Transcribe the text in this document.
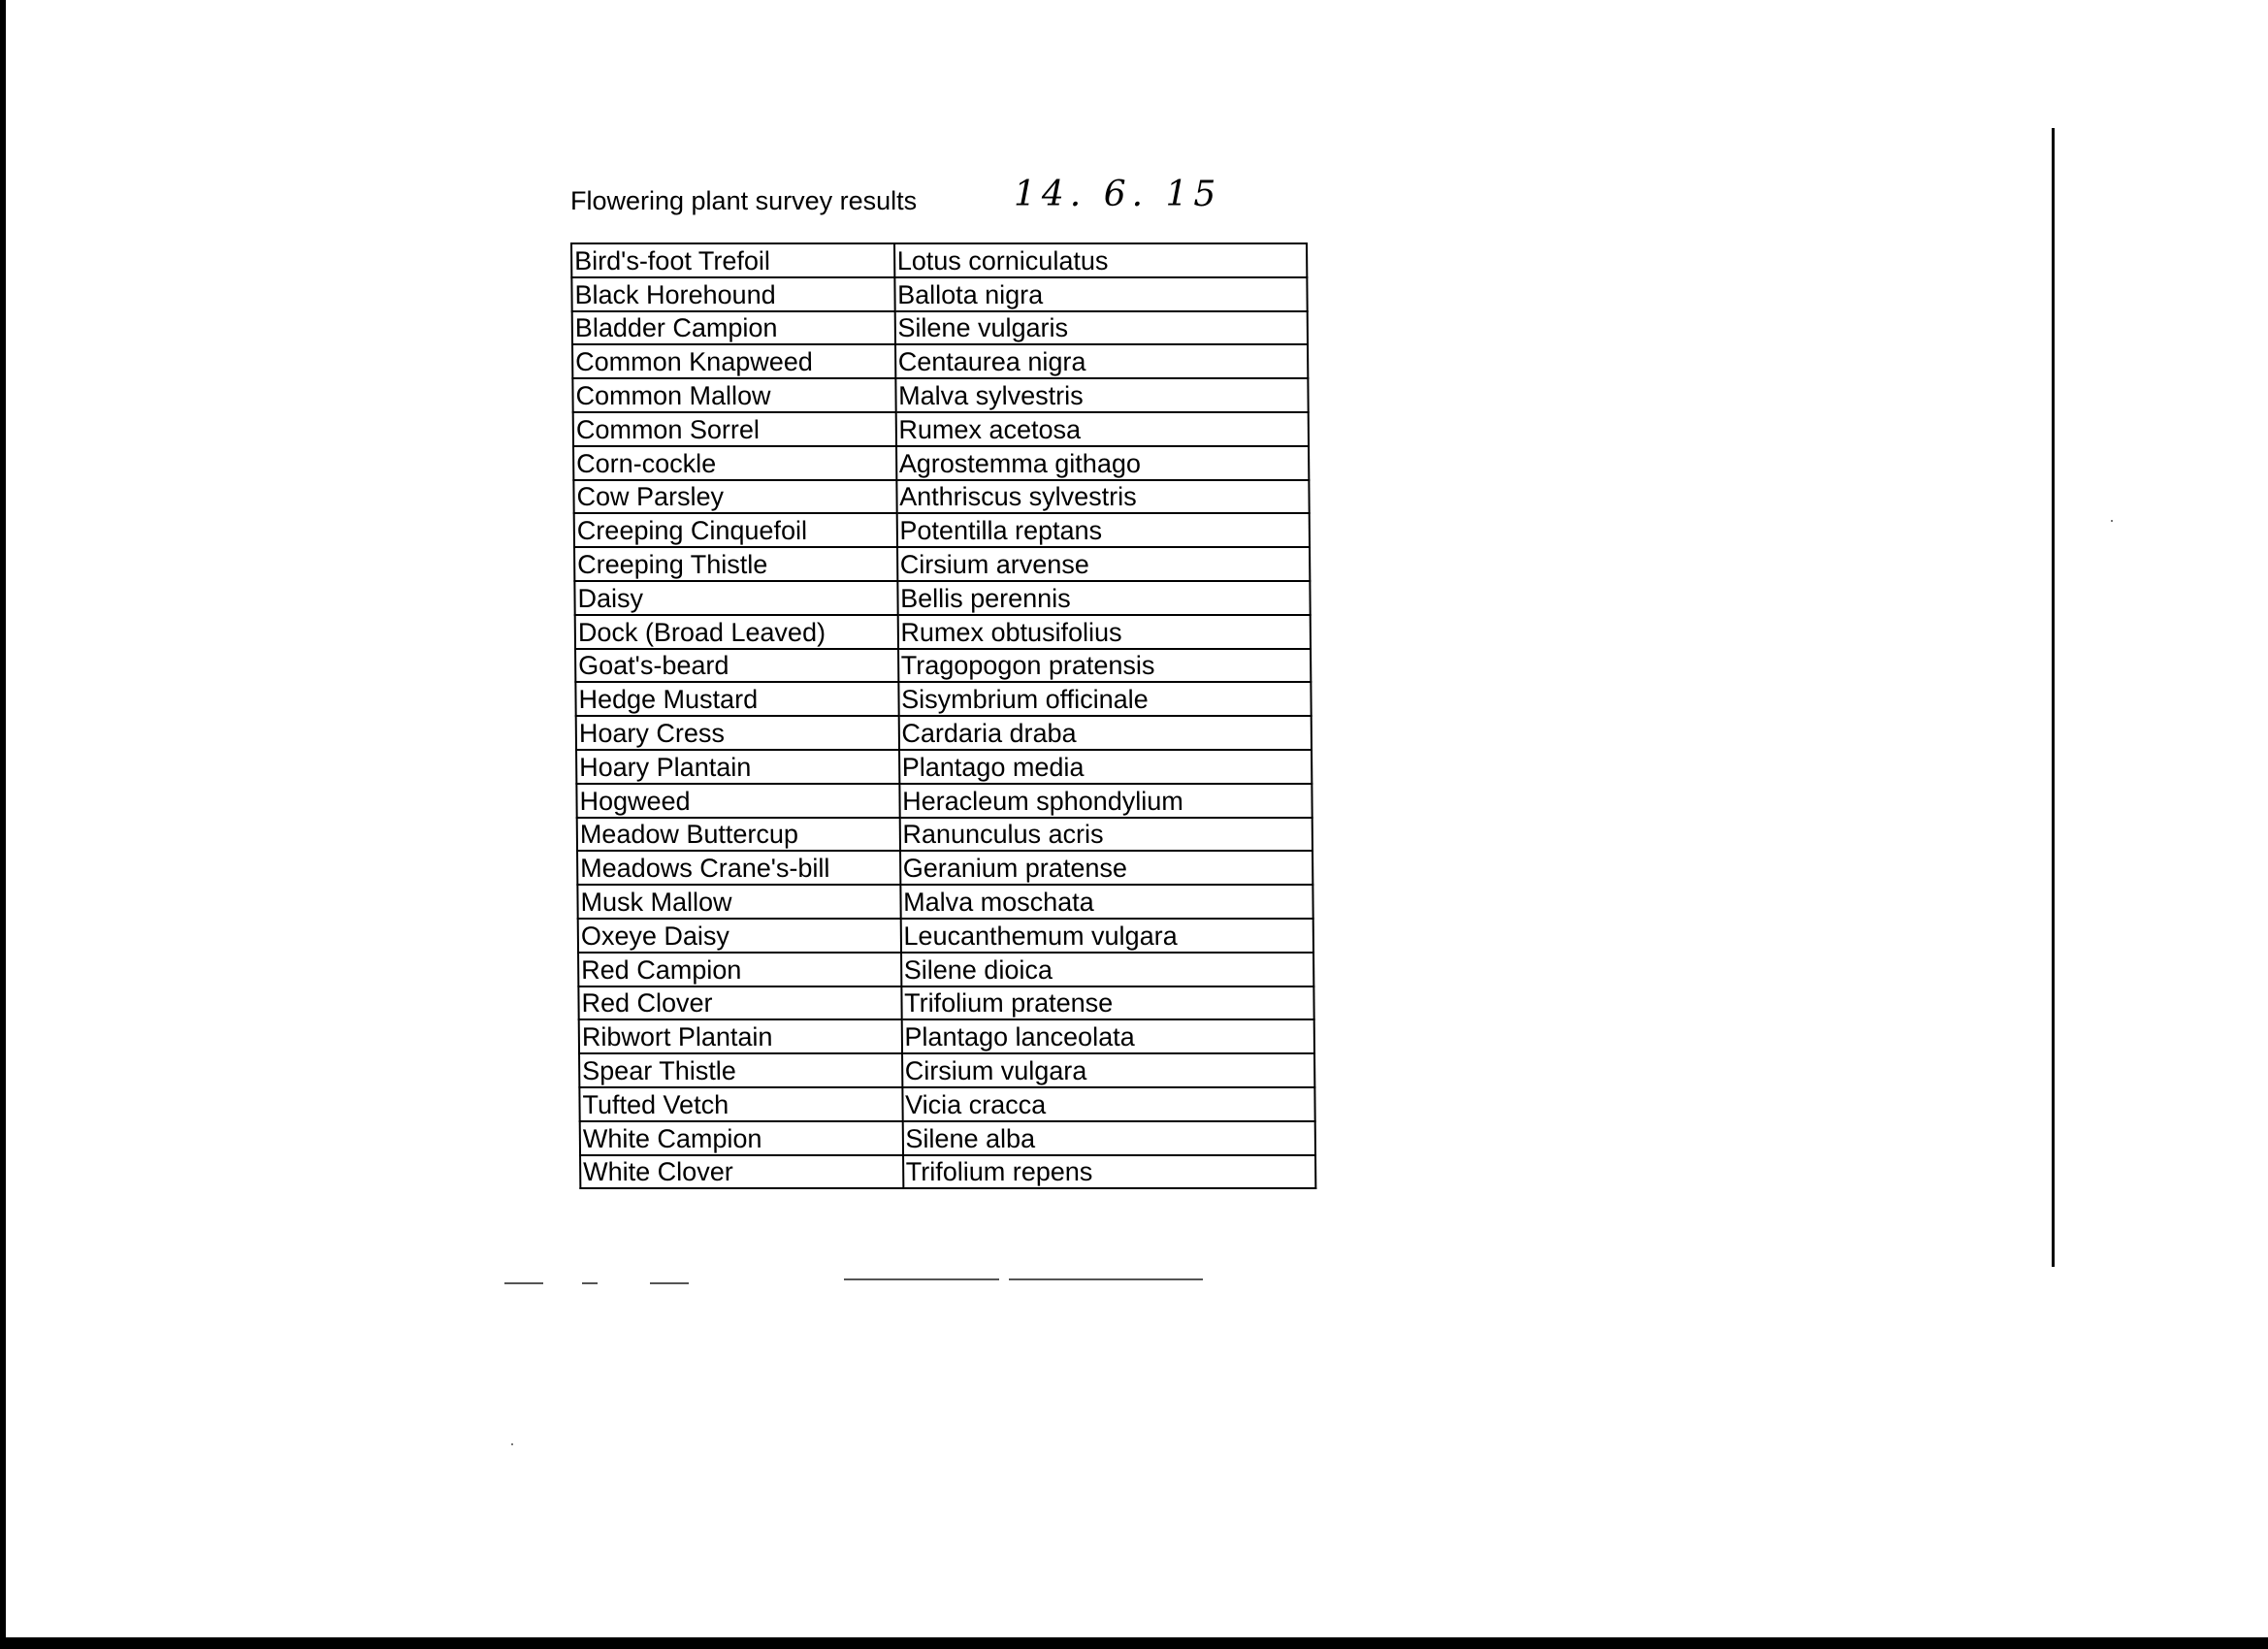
Flowering plant survey results	14. 6. 15
Bird's-foot Trefoil	Lotus corniculatus
Black Horehound	Ballota nigra
Bladder Campion	Silene vulgaris
Common Knapweed	Centaurea nigra
Common Mallow	Malva sylvestris
Common Sorrel	Rumex acetosa
Corn-cockle	Agrostemma githago
Cow Parsley	Anthriscus sylvestris
Creeping Cinquefoil	Potentilla reptans
Creeping Thistle	Cirsium arvense
Daisy	Bellis perennis
Dock (Broad Leaved)	Rumex obtusifolius
Goat's-beard	Tragopogon pratensis
Hedge Mustard	Sisymbrium officinale
Hoary Cress	Cardaria draba
Hoary Plantain	Plantago media
Hogweed	Heracleum sphondylium
Meadow Buttercup	Ranunculus acris
Meadows Crane's-bill	Geranium pratense
Musk Mallow	Malva moschata
Oxeye Daisy	Leucanthemum vulgara
Red Campion	Silene dioica
Red Clover	Trifolium pratense
Ribwort Plantain	Plantago lanceolata
Spear Thistle	Cirsium vulgara
Tufted Vetch	Vicia cracca
White Campion	Silene alba
White Clover	Trifolium repens
